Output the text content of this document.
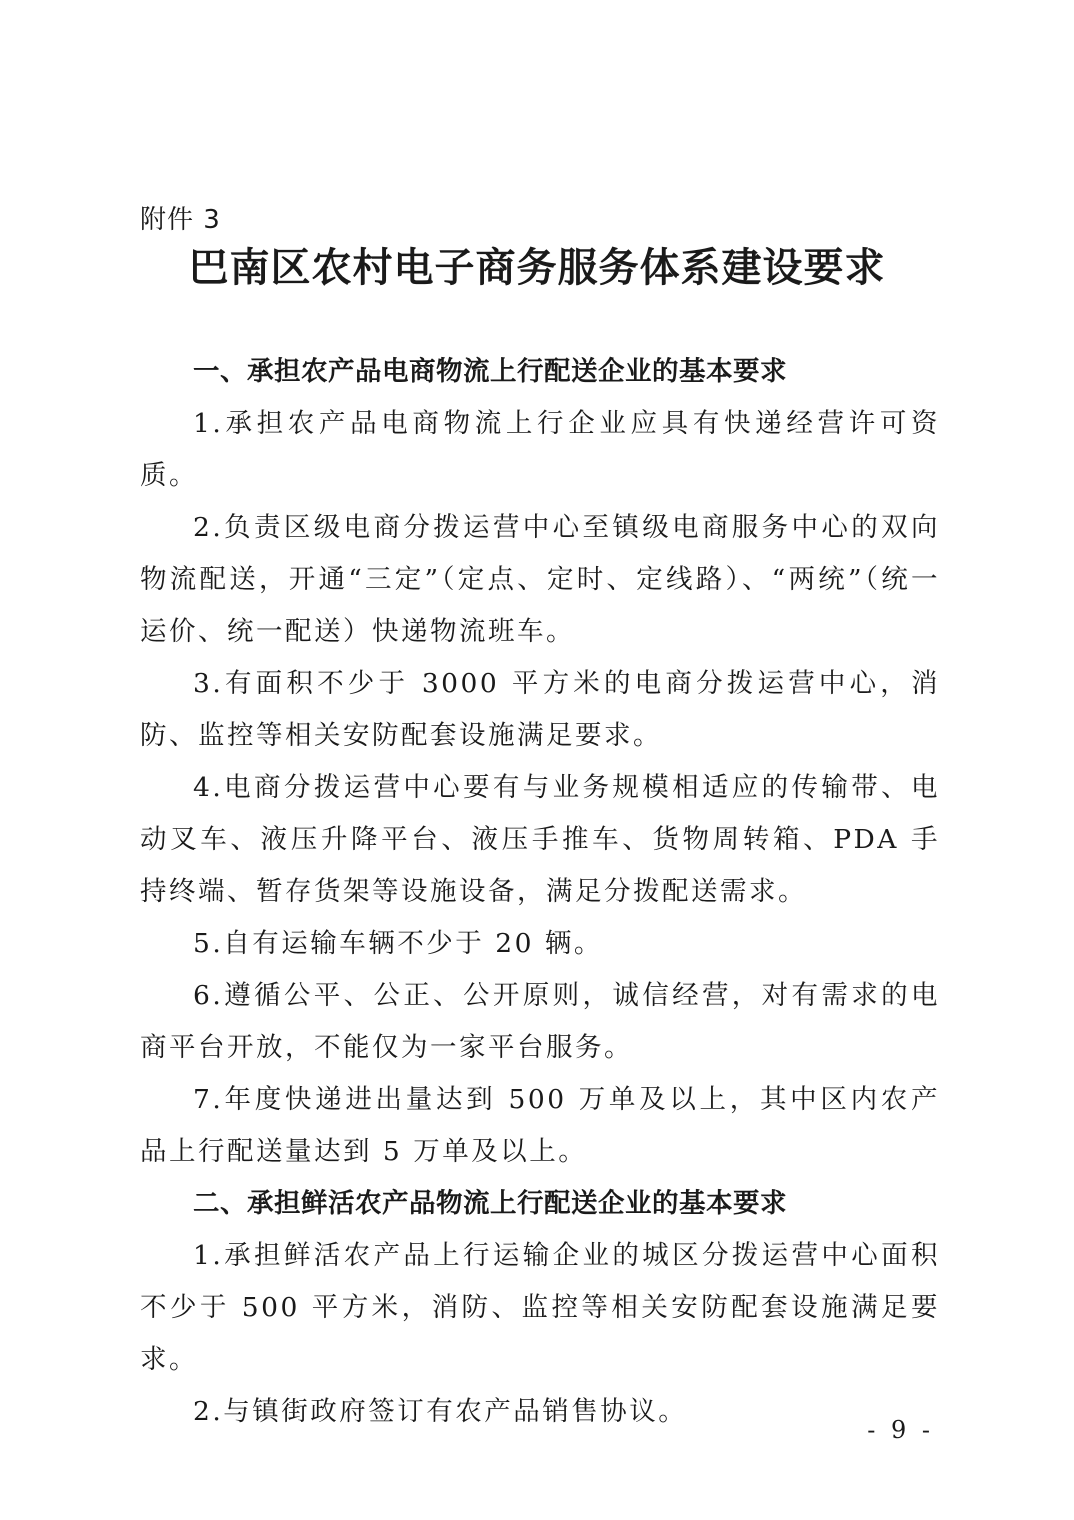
附件 3

巴南区农村电子商务服务体系建设要求

一、承担农产品电商物流上行配送企业的基本要求

1.承担农产品电商物流上行企业应具有快递经营许可资质。

2.负责区级电商分拨运营中心至镇级电商服务中心的双向物流配送，开通“三定”（定点、定时、定线路）、“两统”（统一运价、统一配送）快递物流班车。

3.有面积不少于 3000 平方米的电商分拨运营中心，消防、监控等相关安防配套设施满足要求。

4.电商分拨运营中心要有与业务规模相适应的传输带、电动叉车、液压升降平台、液压手推车、货物周转箱、PDA 手持终端、暂存货架等设施设备，满足分拨配送需求。

5.自有运输车辆不少于 20 辆。

6.遵循公平、公正、公开原则，诚信经营，对有需求的电商平台开放，不能仅为一家平台服务。

7.年度快递进出量达到 500 万单及以上，其中区内农产品上行配送量达到 5 万单及以上。

二、承担鲜活农产品物流上行配送企业的基本要求

1.承担鲜活农产品上行运输企业的城区分拨运营中心面积不少于 500 平方米，消防、监控等相关安防配套设施满足要求。

2.与镇街政府签订有农产品销售协议。

- 9 -
